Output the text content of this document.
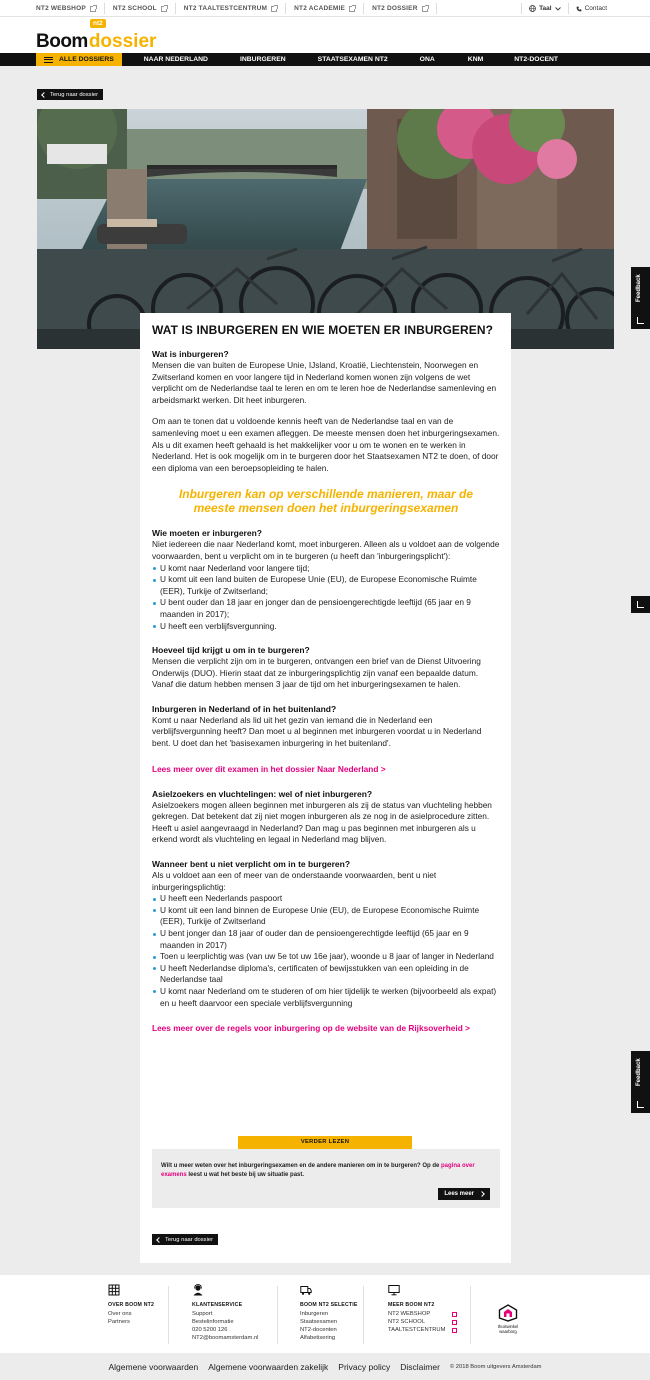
NT2 WEBSHOP	NT2 SCHOOL	NT2 TAALTESTCENTRUM	NT2 ACADEMIE	NT2 DOSSIER	Taal	Contact
Boom
nt2
dossier
ALLE DOSSIERS	NAAR NEDERLAND	INBURGEREN	STAATSEXAMEN NT2	ONA	KNM	NT2-DOCENT
Terug naar dossier
WAT IS INBURGEREN EN WIE MOETEN ER INBURGEREN?
Wat is inburgeren?

Mensen die van buiten de Europese Unie, IJsland, Kroatië, Liechtenstein, Noorwegen en Zwitserland komen en voor langere tijd in Nederland komen wonen zijn volgens de wet verplicht om de Nederlandse taal te leren en om te leren hoe de Nederlandse samenleving en arbeidsmarkt werken. Dit heet inburgeren.

Om aan te tonen dat u voldoende kennis heeft van de Nederlandse taal en van de samenleving moet u een examen afleggen. De meeste mensen doen het inburgeringsexamen. Als u dit examen heeft gehaald is het makkelijker voor u om te wonen en te werken in Nederland. Het is ook mogelijk om in te burgeren door het Staatsexamen NT2 te doen, of door een diploma van een beroepsopleiding te halen.

Inburgeren kan op verschillende manieren, maar de meeste mensen doen het inburgeringsexamen
Wie moeten er inburgeren?

Niet iedereen die naar Nederland komt, moet inburgeren. Alleen als u voldoet aan de volgende voorwaarden, bent u verplicht om in te burgeren (u heeft dan 'inburgeringsplicht'):

U komt naar Nederland voor langere tijd;
U komt uit een land buiten de Europese Unie (EU), de Europese Economische Ruimte (EER), Turkije of Zwitserland;
U bent ouder dan 18 jaar en jonger dan de pensioengerechtigde leeftijd (65 jaar en 9 maanden in 2017);
U heeft een verblijfsvergunning.
Hoeveel tijd krijgt u om in te burgeren?

Mensen die verplicht zijn om in te burgeren, ontvangen een brief van de Dienst Uitvoering Onderwijs (DUO). Hierin staat dat ze inburgeringsplichtig zijn vanaf een bepaalde datum. Vanaf die datum hebben mensen 3 jaar de tijd om het inburgeringsexamen te halen.

Inburgeren in Nederland of in het buitenland?

Komt u naar Nederland als lid uit het gezin van iemand die in Nederland een verblijfsvergunning heeft? Dan moet u al beginnen met inburgeren voordat u in Nederland bent. U doet dan het 'basisexamen inburgering in het buitenland'.

Lees meer over dit examen in het dossier Naar Nederland >
Asielzoekers en vluchtelingen: wel of niet inburgeren?

Asielzoekers mogen alleen beginnen met inburgeren als zij de status van vluchteling hebben gekregen. Dat betekent dat zij niet mogen inburgeren als ze nog in de asielprocedure zitten. Heeft u asiel aangevraagd in Nederland? Dan mag u pas beginnen met inburgeren als u erkend wordt als vluchteling en legaal in Nederland mag blijven.

Wanneer bent u niet verplicht om in te burgeren?

Als u voldoet aan een of meer van de onderstaande voorwaarden, bent u niet inburgeringsplichtig:

U heeft een Nederlands paspoort
U komt uit een land binnen de Europese Unie (EU), de Europese Economische Ruimte (EER), Turkije of Zwitserland
U bent jonger dan 18 jaar of ouder dan de pensioengerechtigde leeftijd (65 jaar en 9 maanden in 2017)
Toen u leerplichtig was (van uw 5e tot uw 16e jaar), woonde u 8 jaar of langer in Nederland
U heeft Nederlandse diploma's, certificaten of bewijsstukken van een opleiding in de Nederlandse taal
U komt naar Nederland om te studeren of om hier tijdelijk te werken (bijvoorbeeld als expat) en u heeft daarvoor een speciale verblijfsvergunning
Lees meer over de regels voor inburgering op de website van de Rijksoverheid >
VERDER LEZEN
Wilt u meer weten over het inburgeringsexamen en de andere manieren om in te burgeren? Op de pagina over examens leest u wat het beste bij uw situatie past.
Lees meer
Terug naar dossier
Feedback
Feedback
OVER BOOM NT2
Over ons
Partners
KLANTENSERVICE
Support
Bestelinformatie
020 5200 126
NT2@boomamsterdam.nl
BOOM NT2 SELECTIE
Inburgeren
Staatsexamen
NT2-docenten
Alfabetisering
MEER BOOM NT2
NT2 WEBSHOP
NT2 SCHOOL
TAALTESTCENTRUM
thuiswinkel
waarborg
Algemene voorwaarden Algemene voorwaarden zakelijk Privacy policy Disclaimer © 2018 Boom uitgevers Amsterdam
